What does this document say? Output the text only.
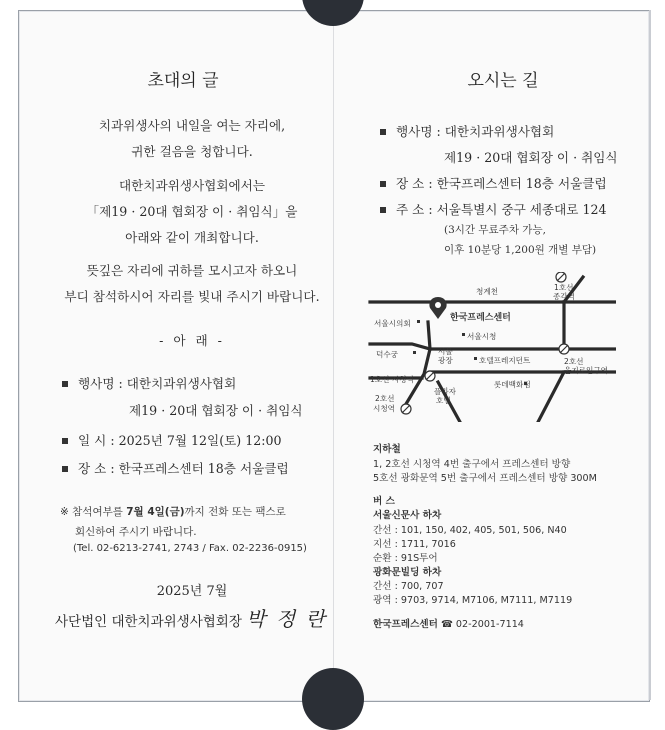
초대의 글
치과위생사의 내일을 여는 자리에,
귀한 걸음을 청합니다.
대한치과위생사협회에서는
「제19 · 20대 협회장 이 · 취임식」을
아래와 같이 개최합니다.
뜻깊은 자리에 귀하를 모시고자 하오니
부디 참석하시어 자리를 빛내 주시기 바랍니다.
- 아 래 -
행사명 : 대한치과위생사협회
제19 · 20대 협회장 이 · 취임식
일 시 : 2025년 7월 12일(토) 12:00
장 소 : 한국프레스센터 18층 서울클럽
※ 참석여부를 7월 4일(금)까지 전화 또는 팩스로
회신하여 주시기 바랍니다.
(Tel. 02-6213-2741, 2743 / Fax. 02-2236-0915)
2025년 7월
사단법인 대한치과위생사협회장 박 정 란
오시는 길
행사명 : 대한치과위생사협회
제19 · 20대 협회장 이 · 취임식
장 소 : 한국프레스센터 18층 서울클럽
주 소 : 서울특별시 중구 세종대로 124
(3시간 무료주차 가능,
이후 10분당 1,200원 개별 부담)
청계천	1호선
종각역
서울시의회
한국프레스센터
서울시청
덕수궁	서울
광장	호텔프레지던트	2호선
을지로입구역
1호선 시청역
플라자
호텔
롯데백화점
2호선
시청역
지하철
1, 2호선 시청역 4번 출구에서 프레스센터 방향
5호선 광화문역 5번 출구에서 프레스센터 방향 300M
버 스
서울신문사 하차
간선 : 101, 150, 402, 405, 501, 506, N40
지선 : 1711, 7016
순환 : 91S투어
광화문빌딩 하차
간선 : 700, 707
광역 : 9703, 9714, M7106, M7111, M7119
한국프레스센터 ☎ 02-2001-7114
